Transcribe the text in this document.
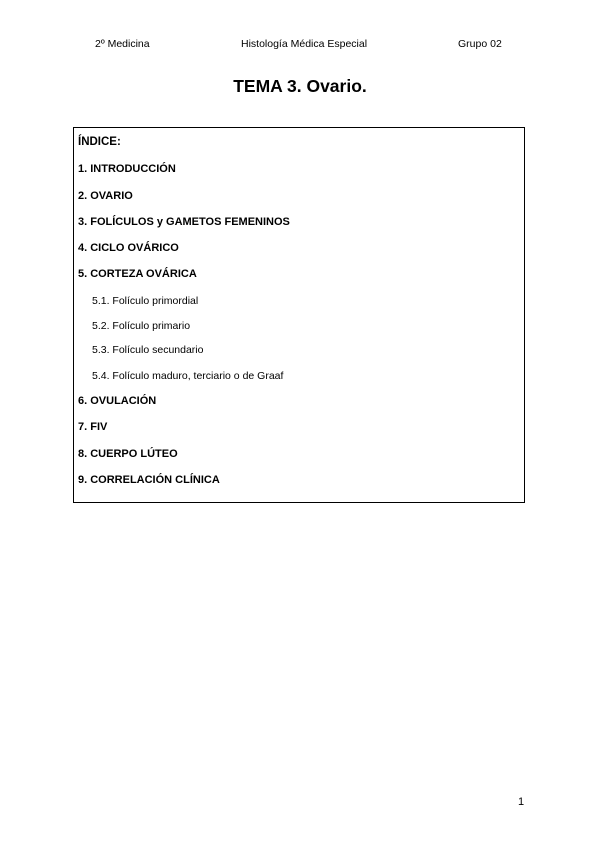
2º Medicina	Histología Médica Especial	Grupo 02
TEMA 3. Ovario.
ÍNDICE:
1. INTRODUCCIÓN
2. OVARIO
3. FOLÍCULOS y GAMETOS FEMENINOS
4. CICLO OVÁRICO
5. CORTEZA OVÁRICA
5.1. Folículo primordial
5.2. Folículo primario
5.3. Folículo secundario
5.4. Folículo maduro, terciario o de Graaf
6. OVULACIÓN
7. FIV
8. CUERPO LÚTEO
9. CORRELACIÓN CLÍNICA
1
